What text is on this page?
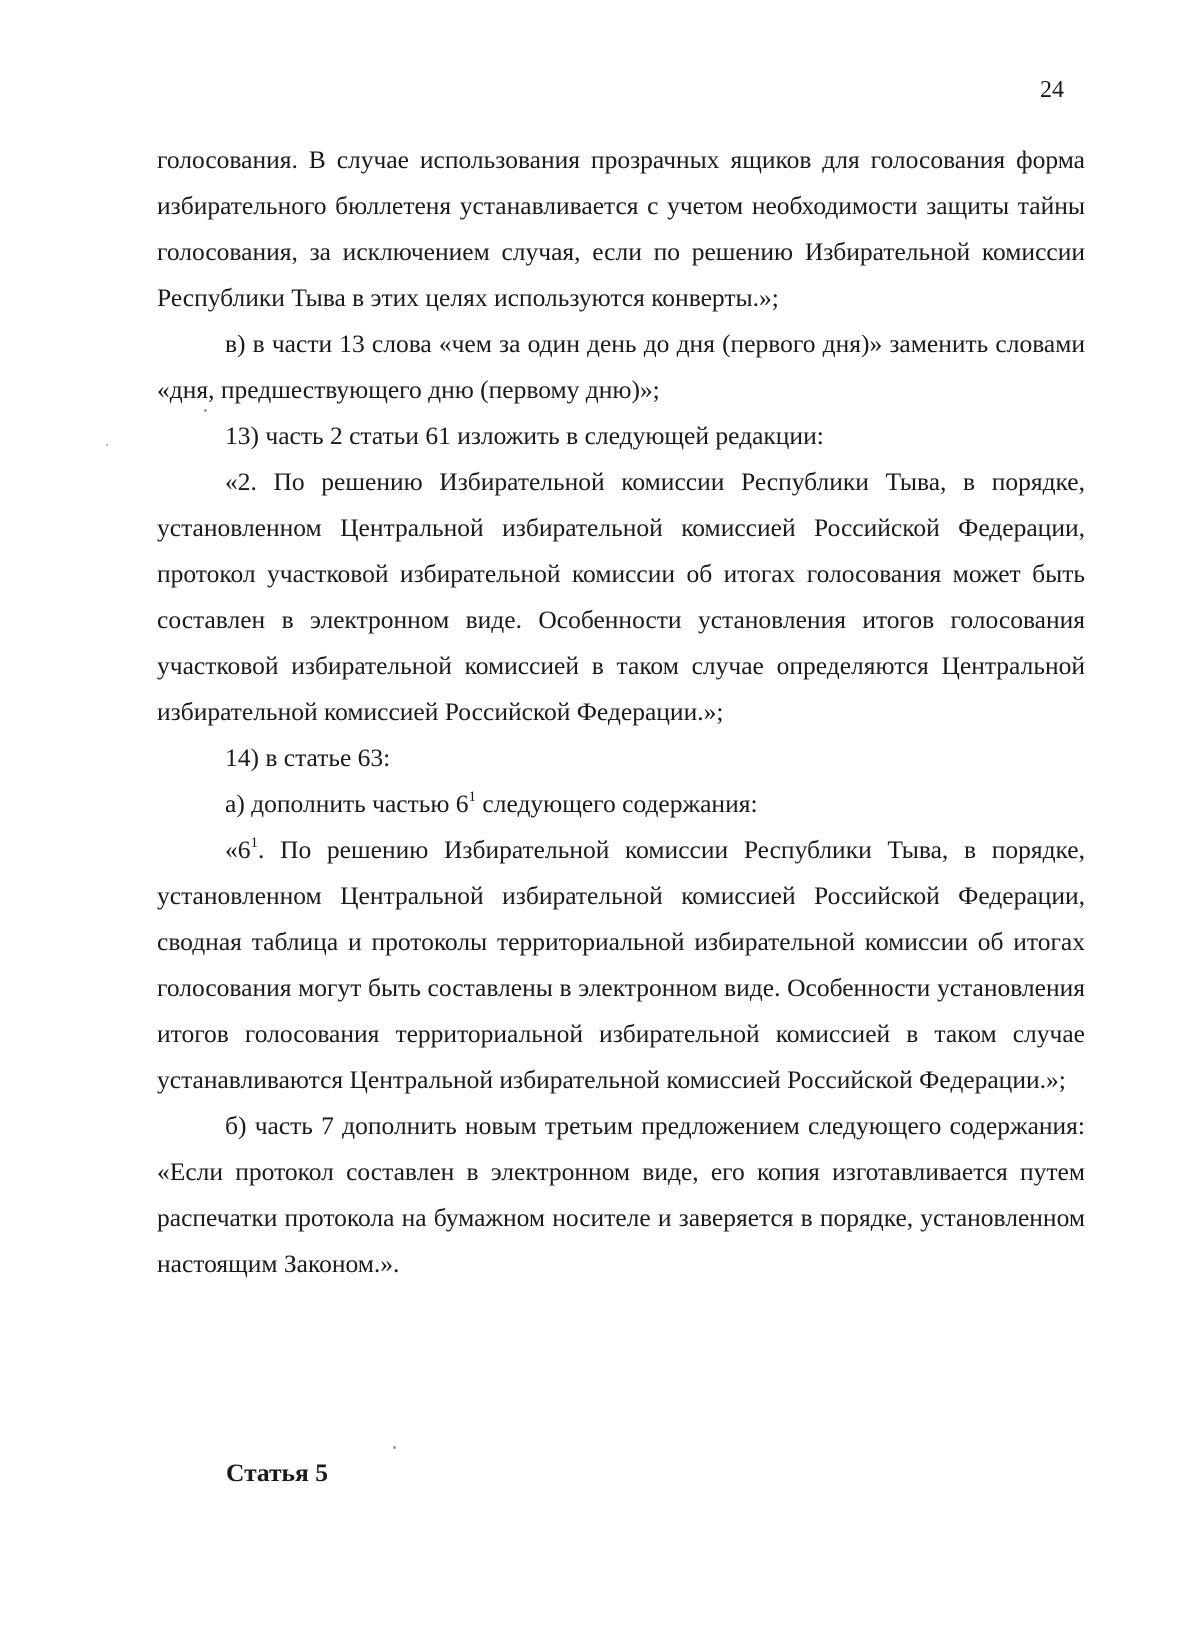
24

голосования. В случае использования прозрачных ящиков для голосования форма избирательного бюллетеня устанавливается с учетом необходимости защиты тайны голосования, за исключением случая, если по решению Избирательной комиссии Республики Тыва в этих целях используются конверты.»;

в) в части 13 слова «чем за один день до дня (первого дня)» заменить словами «дня, предшествующего дню (первому дню)»;

13) часть 2 статьи 61 изложить в следующей редакции:

«2. По решению Избирательной комиссии Республики Тыва, в порядке, установленном Центральной избирательной комиссией Российской Федерации, протокол участковой избирательной комиссии об итогах голосования может быть составлен в электронном виде. Особенности установления итогов голосования участковой избирательной комиссией в таком случае определяются Центральной избирательной комиссией Российской Федерации.»;

14) в статье 63:

а) дополнить частью $6^1$ следующего содержания:

«$6^1$. По решению Избирательной комиссии Республики Тыва, в порядке, установленном Центральной избирательной комиссией Российской Федерации, сводная таблица и протоколы территориальной избирательной комиссии об итогах голосования могут быть составлены в электронном виде. Особенности установления итогов голосования территориальной избирательной комиссией в таком случае устанавливаются Центральной избирательной комиссией Российской Федерации.»;

б) часть 7 дополнить новым третьим предложением следующего содержания: «Если протокол составлен в электронном виде, его копия изготавливается путем распечатки протокола на бумажном носителе и заверяется в порядке, установленном настоящим Законом.».

Статья 5
